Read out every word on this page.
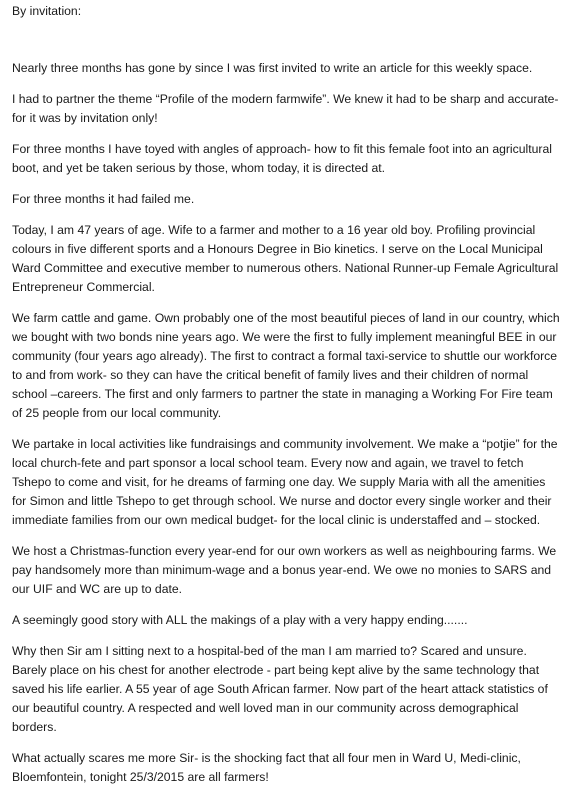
By invitation:

Nearly three months has gone by since I was first invited to write an article for this weekly space.

I had to partner the theme “Profile of the modern farmwife”. We knew it had to be sharp and accurate- for it was by invitation only!

For three months I have toyed with angles of approach- how to fit this female foot into an agricultural boot, and yet be taken serious by those, whom today, it is directed at.

For three months it had failed me.

Today, I am 47 years of age. Wife to a farmer and mother to a 16 year old boy. Profiling provincial colours in five different sports and a Honours Degree in Bio kinetics. I serve on the Local Municipal Ward Committee and executive member to numerous others. National Runner-up Female Agricultural Entrepreneur Commercial.

We farm cattle and game. Own probably one of the most beautiful pieces of land in our country, which we bought with two bonds nine years ago. We were the first to fully implement meaningful BEE in our community (four years ago already). The first to contract a formal taxi-service to shuttle our workforce to and from work- so they can have the critical benefit of family lives and their children of normal school –careers. The first and only farmers to partner the state in managing a Working For Fire team of 25 people from our local community.

We partake in local activities like fundraisings and community involvement. We make a “potjie” for the local church-fete and part sponsor a local school team. Every now and again, we travel to fetch Tshepo to come and visit, for he dreams of farming one day. We supply Maria with all the amenities for Simon and little Tshepo to get through school. We nurse and doctor every single worker and their immediate families from our own medical budget- for the local clinic is understaffed and – stocked.

We host a Christmas-function every year-end for our own workers as well as neighbouring farms. We pay handsomely more than minimum-wage and a bonus year-end. We owe no monies to SARS and our UIF and WC are up to date.

A seemingly good story with ALL the makings of a play with a very happy ending.......

Why then Sir am I sitting next to a hospital-bed of the man I am married to? Scared and unsure. Barely place on his chest for another electrode - part being kept alive by the same technology that saved his life earlier. A 55 year of age South African farmer. Now part of the heart attack statistics of our beautiful country. A respected and well loved man in our community across demographical borders.

What actually scares me more Sir- is the shocking fact that all four men in Ward U, Medi-clinic, Bloemfontein, tonight 25/3/2015 are all farmers!
